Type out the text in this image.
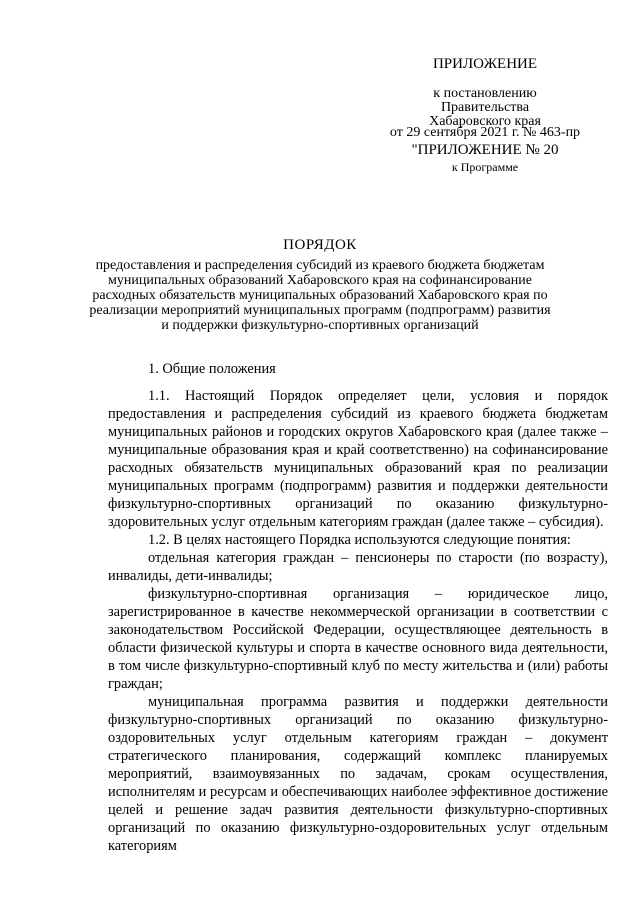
ПРИЛОЖЕНИЕ
к постановлению
Правительства
Хабаровского края
от 29 сентября 2021 г. № 463-пр
"ПРИЛОЖЕНИЕ № 20
к Программе
ПОРЯДОК
предоставления и распределения субсидий из краевого бюджета бюджетам
муниципальных образований Хабаровского края на софинансирование
расходных обязательств муниципальных образований Хабаровского края по
реализации мероприятий муниципальных программ (подпрограмм) развития
и поддержки физкультурно-спортивных организаций

1. Общие положения

1.1. Настоящий Порядок определяет цели, условия и порядок предоставления и распределения субсидий из краевого бюджета бюджетам муниципальных районов и городских округов Хабаровского края (далее также – муниципальные образования края и край соответственно) на софинансирование расходных обязательств муниципальных образований края по реализации муниципальных программ (подпрограмм) развития и поддержки деятельности физкультурно-спортивных организаций по оказанию физкультурно-здоровительных услуг отдельным категориям граждан (далее также – субсидия).

1.2. В целях настоящего Порядка используются следующие понятия:

отдельная категория граждан – пенсионеры по старости (по возрасту), инвалиды, дети-инвалиды;

физкультурно-спортивная организация – юридическое лицо, зарегистрированное в качестве некоммерческой организации в соответствии с законодательством Российской Федерации, осуществляющее деятельность в области физической культуры и спорта в качестве основного вида деятельности, в том числе физкультурно-спортивный клуб по месту жительства и (или) работы граждан;

муниципальная программа развития и поддержки деятельности физкультурно-спортивных организаций по оказанию физкультурно-оздоровительных услуг отдельным категориям граждан – документ стратегического планирования, содержащий комплекс планируемых мероприятий, взаимоувязанных по задачам, срокам осуществления, исполнителям и ресурсам и обеспечивающих наиболее эффективное достижение целей и решение задач развития деятельности физкультурно-спортивных организаций по оказанию физкультурно-оздоровительных услуг отдельным категориям
